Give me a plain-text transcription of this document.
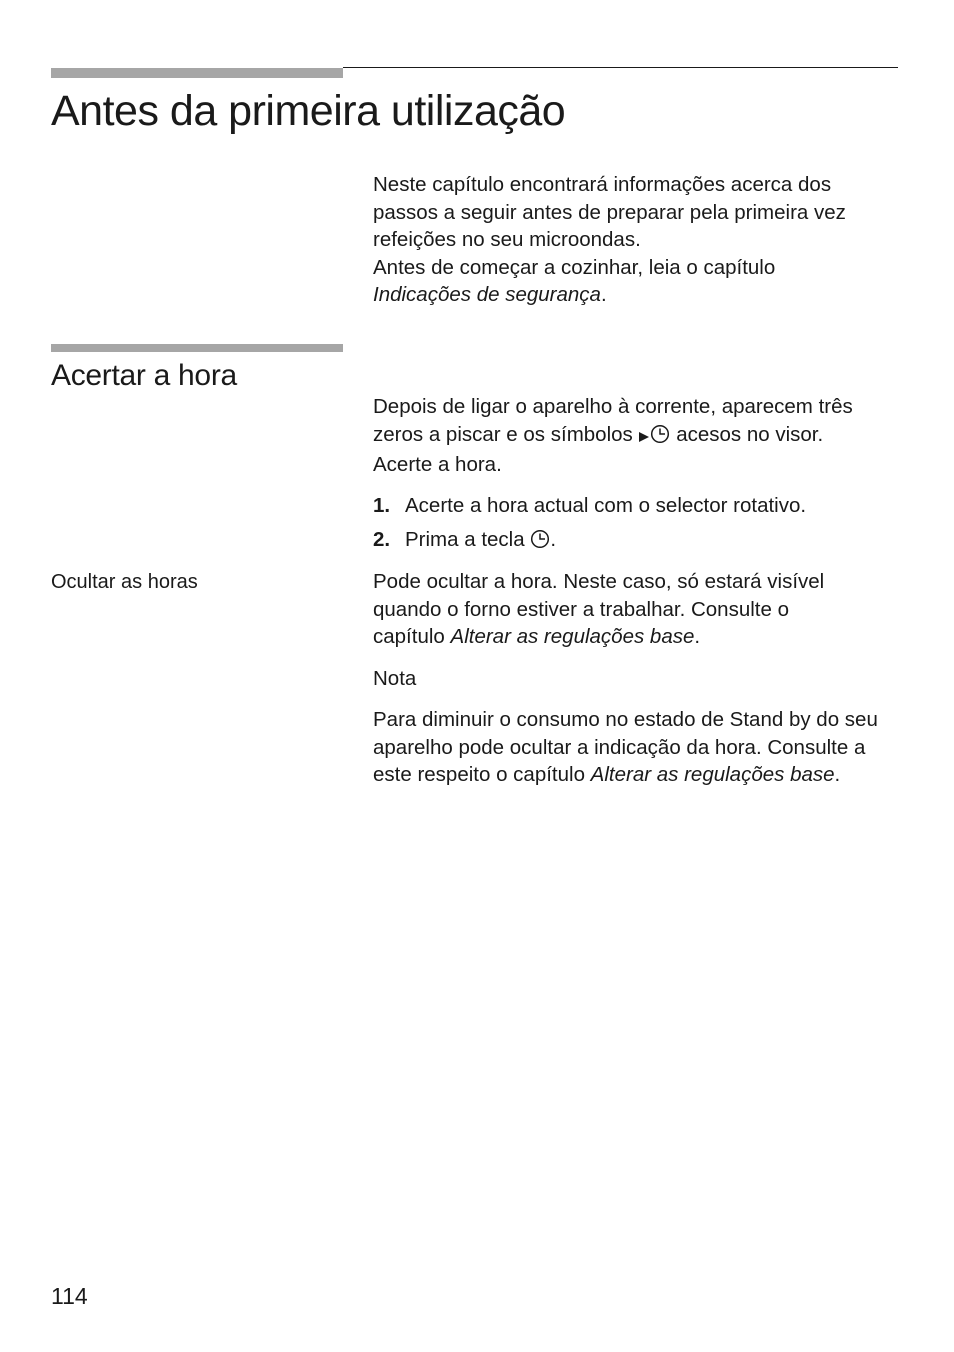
Antes da primeira utilização

Neste capítulo encontrará informações acerca dos passos a seguir antes de preparar pela primeira vez refeições no seu microondas.

Antes de começar a cozinhar, leia o capítulo
Indicações de segurança.

Acertar a hora

Depois de ligar o aparelho à corrente, aparecem três zeros a piscar e os símbolos acesos no visor.
Acerte a hora.

1. Acerte a hora actual com o selector rotativo.
2. Prima a tecla .
Ocultar as horas	Pode ocultar a hora. Neste caso, só estará visível quando o forno estiver a trabalhar. Consulte o capítulo Alterar as regulações base.

Nota

Para diminuir o consumo no estado de Stand by do seu aparelho pode ocultar a indicação da hora. Consulte a este respeito o capítulo Alterar as regulações base.

114
